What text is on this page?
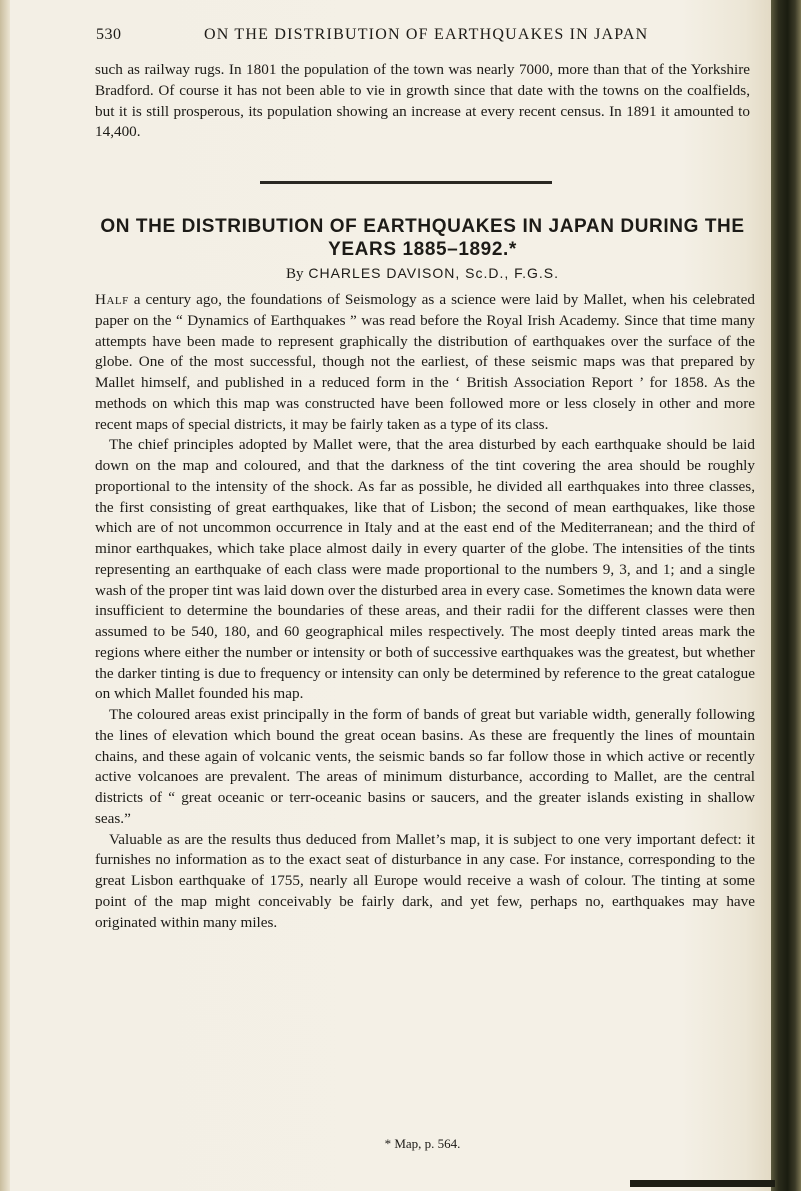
530	ON THE DISTRIBUTION OF EARTHQUAKES IN JAPAN
such as railway rugs. In 1801 the population of the town was nearly 7000, more than that of the Yorkshire Bradford. Of course it has not been able to vie in growth since that date with the towns on the coalfields, but it is still prosperous, its population showing an increase at every recent census. In 1891 it amounted to 14,400.
ON THE DISTRIBUTION OF EARTHQUAKES IN JAPAN DURING THE YEARS 1885–1892.*
By CHARLES DAVISON, Sc.D., F.G.S.

Half a century ago, the foundations of Seismology as a science were laid by Mallet, when his celebrated paper on the “ Dynamics of Earthquakes ” was read before the Royal Irish Academy. Since that time many attempts have been made to represent graphically the distribution of earthquakes over the surface of the globe. One of the most successful, though not the earliest, of these seismic maps was that prepared by Mallet himself, and published in a reduced form in the ‘ British Association Report ’ for 1858. As the methods on which this map was constructed have been followed more or less closely in other and more recent maps of special districts, it may be fairly taken as a type of its class.

The chief principles adopted by Mallet were, that the area disturbed by each earthquake should be laid down on the map and coloured, and that the darkness of the tint covering the area should be roughly proportional to the intensity of the shock. As far as possible, he divided all earthquakes into three classes, the first consisting of great earthquakes, like that of Lisbon; the second of mean earthquakes, like those which are of not uncommon occurrence in Italy and at the east end of the Mediterranean; and the third of minor earthquakes, which take place almost daily in every quarter of the globe. The intensities of the tints representing an earthquake of each class were made proportional to the numbers 9, 3, and 1; and a single wash of the proper tint was laid down over the disturbed area in every case. Sometimes the known data were insufficient to determine the boundaries of these areas, and their radii for the different classes were then assumed to be 540, 180, and 60 geographical miles respectively. The most deeply tinted areas mark the regions where either the number or intensity or both of successive earthquakes was the greatest, but whether the darker tinting is due to frequency or intensity can only be determined by reference to the great catalogue on which Mallet founded his map.

The coloured areas exist principally in the form of bands of great but variable width, generally following the lines of elevation which bound the great ocean basins. As these are frequently the lines of mountain chains, and these again of volcanic vents, the seismic bands so far follow those in which active or recently active volcanoes are prevalent. The areas of minimum disturbance, according to Mallet, are the central districts of “ great oceanic or terr-oceanic basins or saucers, and the greater islands existing in shallow seas.”

Valuable as are the results thus deduced from Mallet’s map, it is subject to one very important defect: it furnishes no information as to the exact seat of disturbance in any case. For instance, corresponding to the great Lisbon earthquake of 1755, nearly all Europe would receive a wash of colour. The tinting at some point of the map might conceivably be fairly dark, and yet few, perhaps no, earthquakes may have originated within many miles.

* Map, p. 564.
